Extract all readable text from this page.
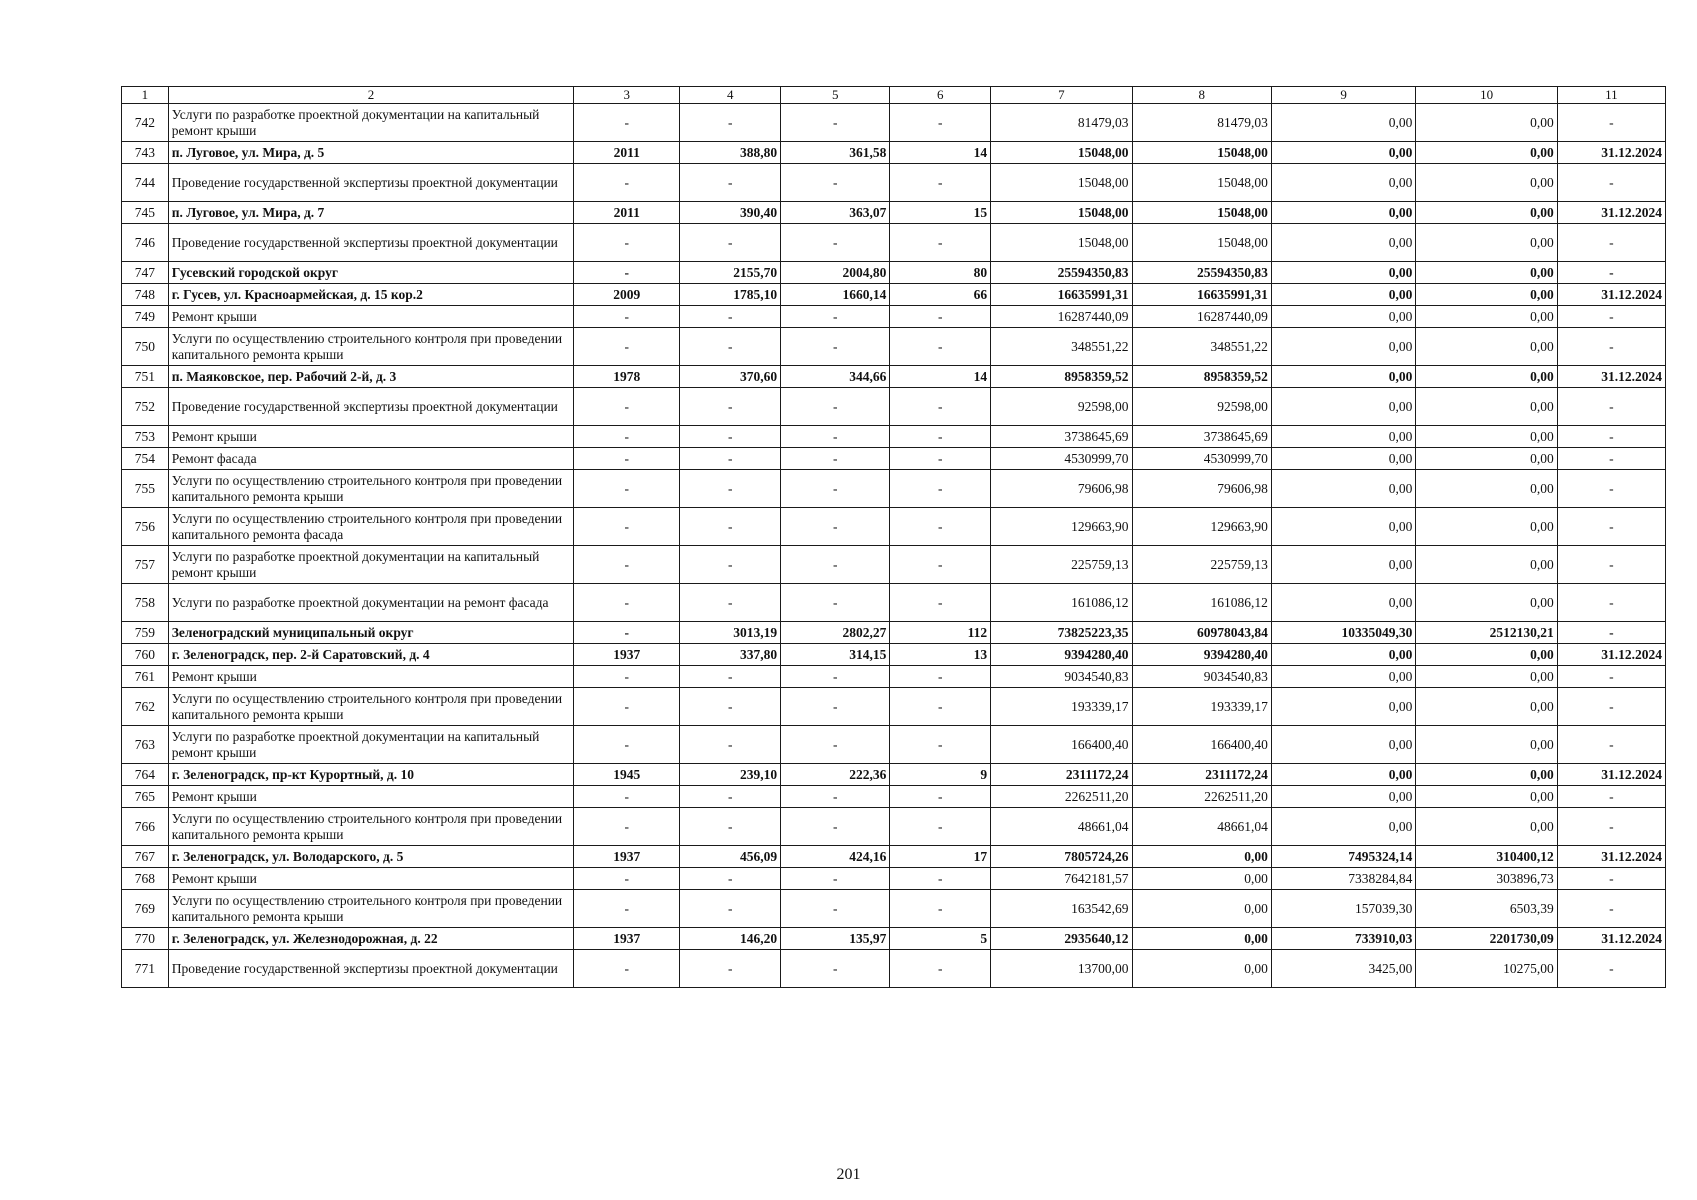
1	2	3	4	5	6	7	8	9	10	11
742	Услуги по разработке проектной документации на капитальный ремонт крыши	-	-	-	-	81479,03	81479,03	0,00	0,00	-
743	п. Луговое, ул. Мира, д. 5	2011	388,80	361,58	14	15048,00	15048,00	0,00	0,00	31.12.2024
744	Проведение государственной экспертизы проектной документации	-	-	-	-	15048,00	15048,00	0,00	0,00	-
745	п. Луговое, ул. Мира, д. 7	2011	390,40	363,07	15	15048,00	15048,00	0,00	0,00	31.12.2024
746	Проведение государственной экспертизы проектной документации	-	-	-	-	15048,00	15048,00	0,00	0,00	-
747	Гусевский городской округ	-	2155,70	2004,80	80	25594350,83	25594350,83	0,00	0,00	-
748	г. Гусев, ул. Красноармейская, д. 15 кор.2	2009	1785,10	1660,14	66	16635991,31	16635991,31	0,00	0,00	31.12.2024
749	Ремонт крыши	-	-	-	-	16287440,09	16287440,09	0,00	0,00	-
750	Услуги по осуществлению строительного контроля при проведении капитального ремонта крыши	-	-	-	-	348551,22	348551,22	0,00	0,00	-
751	п. Маяковское, пер. Рабочий 2-й, д. 3	1978	370,60	344,66	14	8958359,52	8958359,52	0,00	0,00	31.12.2024
752	Проведение государственной экспертизы проектной документации	-	-	-	-	92598,00	92598,00	0,00	0,00	-
753	Ремонт крыши	-	-	-	-	3738645,69	3738645,69	0,00	0,00	-
754	Ремонт фасада	-	-	-	-	4530999,70	4530999,70	0,00	0,00	-
755	Услуги по осуществлению строительного контроля при проведении капитального ремонта крыши	-	-	-	-	79606,98	79606,98	0,00	0,00	-
756	Услуги по осуществлению строительного контроля при проведении капитального ремонта фасада	-	-	-	-	129663,90	129663,90	0,00	0,00	-
757	Услуги по разработке проектной документации на капитальный ремонт крыши	-	-	-	-	225759,13	225759,13	0,00	0,00	-
758	Услуги по разработке проектной документации на ремонт фасада	-	-	-	-	161086,12	161086,12	0,00	0,00	-
759	Зеленоградский муниципальный округ	-	3013,19	2802,27	112	73825223,35	60978043,84	10335049,30	2512130,21	-
760	г. Зеленоградск, пер. 2-й Саратовский, д. 4	1937	337,80	314,15	13	9394280,40	9394280,40	0,00	0,00	31.12.2024
761	Ремонт крыши	-	-	-	-	9034540,83	9034540,83	0,00	0,00	-
762	Услуги по осуществлению строительного контроля при проведении капитального ремонта крыши	-	-	-	-	193339,17	193339,17	0,00	0,00	-
763	Услуги по разработке проектной документации на капитальный ремонт крыши	-	-	-	-	166400,40	166400,40	0,00	0,00	-
764	г. Зеленоградск, пр-кт Курортный, д. 10	1945	239,10	222,36	9	2311172,24	2311172,24	0,00	0,00	31.12.2024
765	Ремонт крыши	-	-	-	-	2262511,20	2262511,20	0,00	0,00	-
766	Услуги по осуществлению строительного контроля при проведении капитального ремонта крыши	-	-	-	-	48661,04	48661,04	0,00	0,00	-
767	г. Зеленоградск, ул. Володарского, д. 5	1937	456,09	424,16	17	7805724,26	0,00	7495324,14	310400,12	31.12.2024
768	Ремонт крыши	-	-	-	-	7642181,57	0,00	7338284,84	303896,73	-
769	Услуги по осуществлению строительного контроля при проведении капитального ремонта крыши	-	-	-	-	163542,69	0,00	157039,30	6503,39	-
770	г. Зеленоградск, ул. Железнодорожная, д. 22	1937	146,20	135,97	5	2935640,12	0,00	733910,03	2201730,09	31.12.2024
771	Проведение государственной экспертизы проектной документации	-	-	-	-	13700,00	0,00	3425,00	10275,00	-
201
